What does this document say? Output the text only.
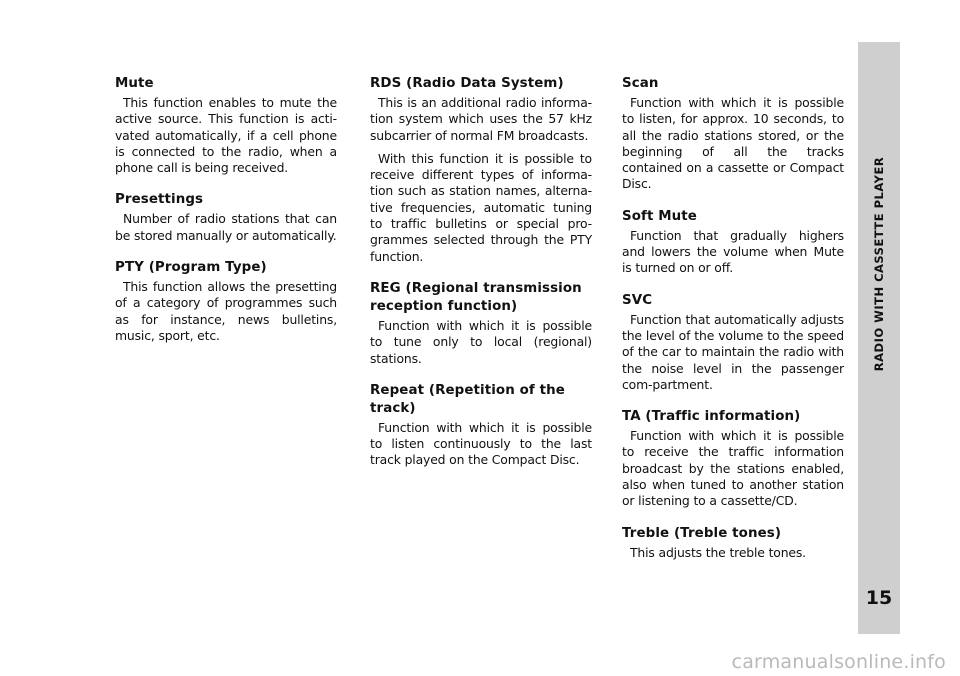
Mute

This function enables to mute the active source. This function is acti-vated automatically, if a cell phone is connected to the radio, when a phone call is being received.

Presettings

Number of radio stations that can be stored manually or automatically.

PTY (Program Type)

This function allows the presetting of a category of programmes such as for instance, news bulletins, music, sport, etc.

RDS (Radio Data System)

This is an additional radio informa-tion system which uses the 57 kHz subcarrier of normal FM broadcasts.

With this function it is possible to receive different types of informa-tion such as station names, alterna-tive frequencies, automatic tuning to traffic bulletins or special pro-grammes selected through the PTY function.

REG (Regional transmission reception function)

Function with which it is possible to tune only to local (regional) stations.

Repeat (Repetition of the track)

Function with which it is possible to listen continuously to the last track played on the Compact Disc.

Scan

Function with which it is possible to listen, for approx. 10 seconds, to all the radio stations stored, or the beginning of all the tracks contained on a cassette or Compact Disc.

Soft Mute

Function that gradually highers and lowers the volume when Mute is turned on or off.

SVC

Function that automatically adjusts the level of the volume to the speed of the car to maintain the radio with the noise level in the passenger com-partment.

TA (Traffic information)

Function with which it is possible to receive the traffic information broadcast by the stations enabled, also when tuned to another station or listening to a cassette/CD.

Treble (Treble tones)

This adjusts the treble tones.

RADIO WITH CASSETTE PLAYER
15
carmanualsonline.info
